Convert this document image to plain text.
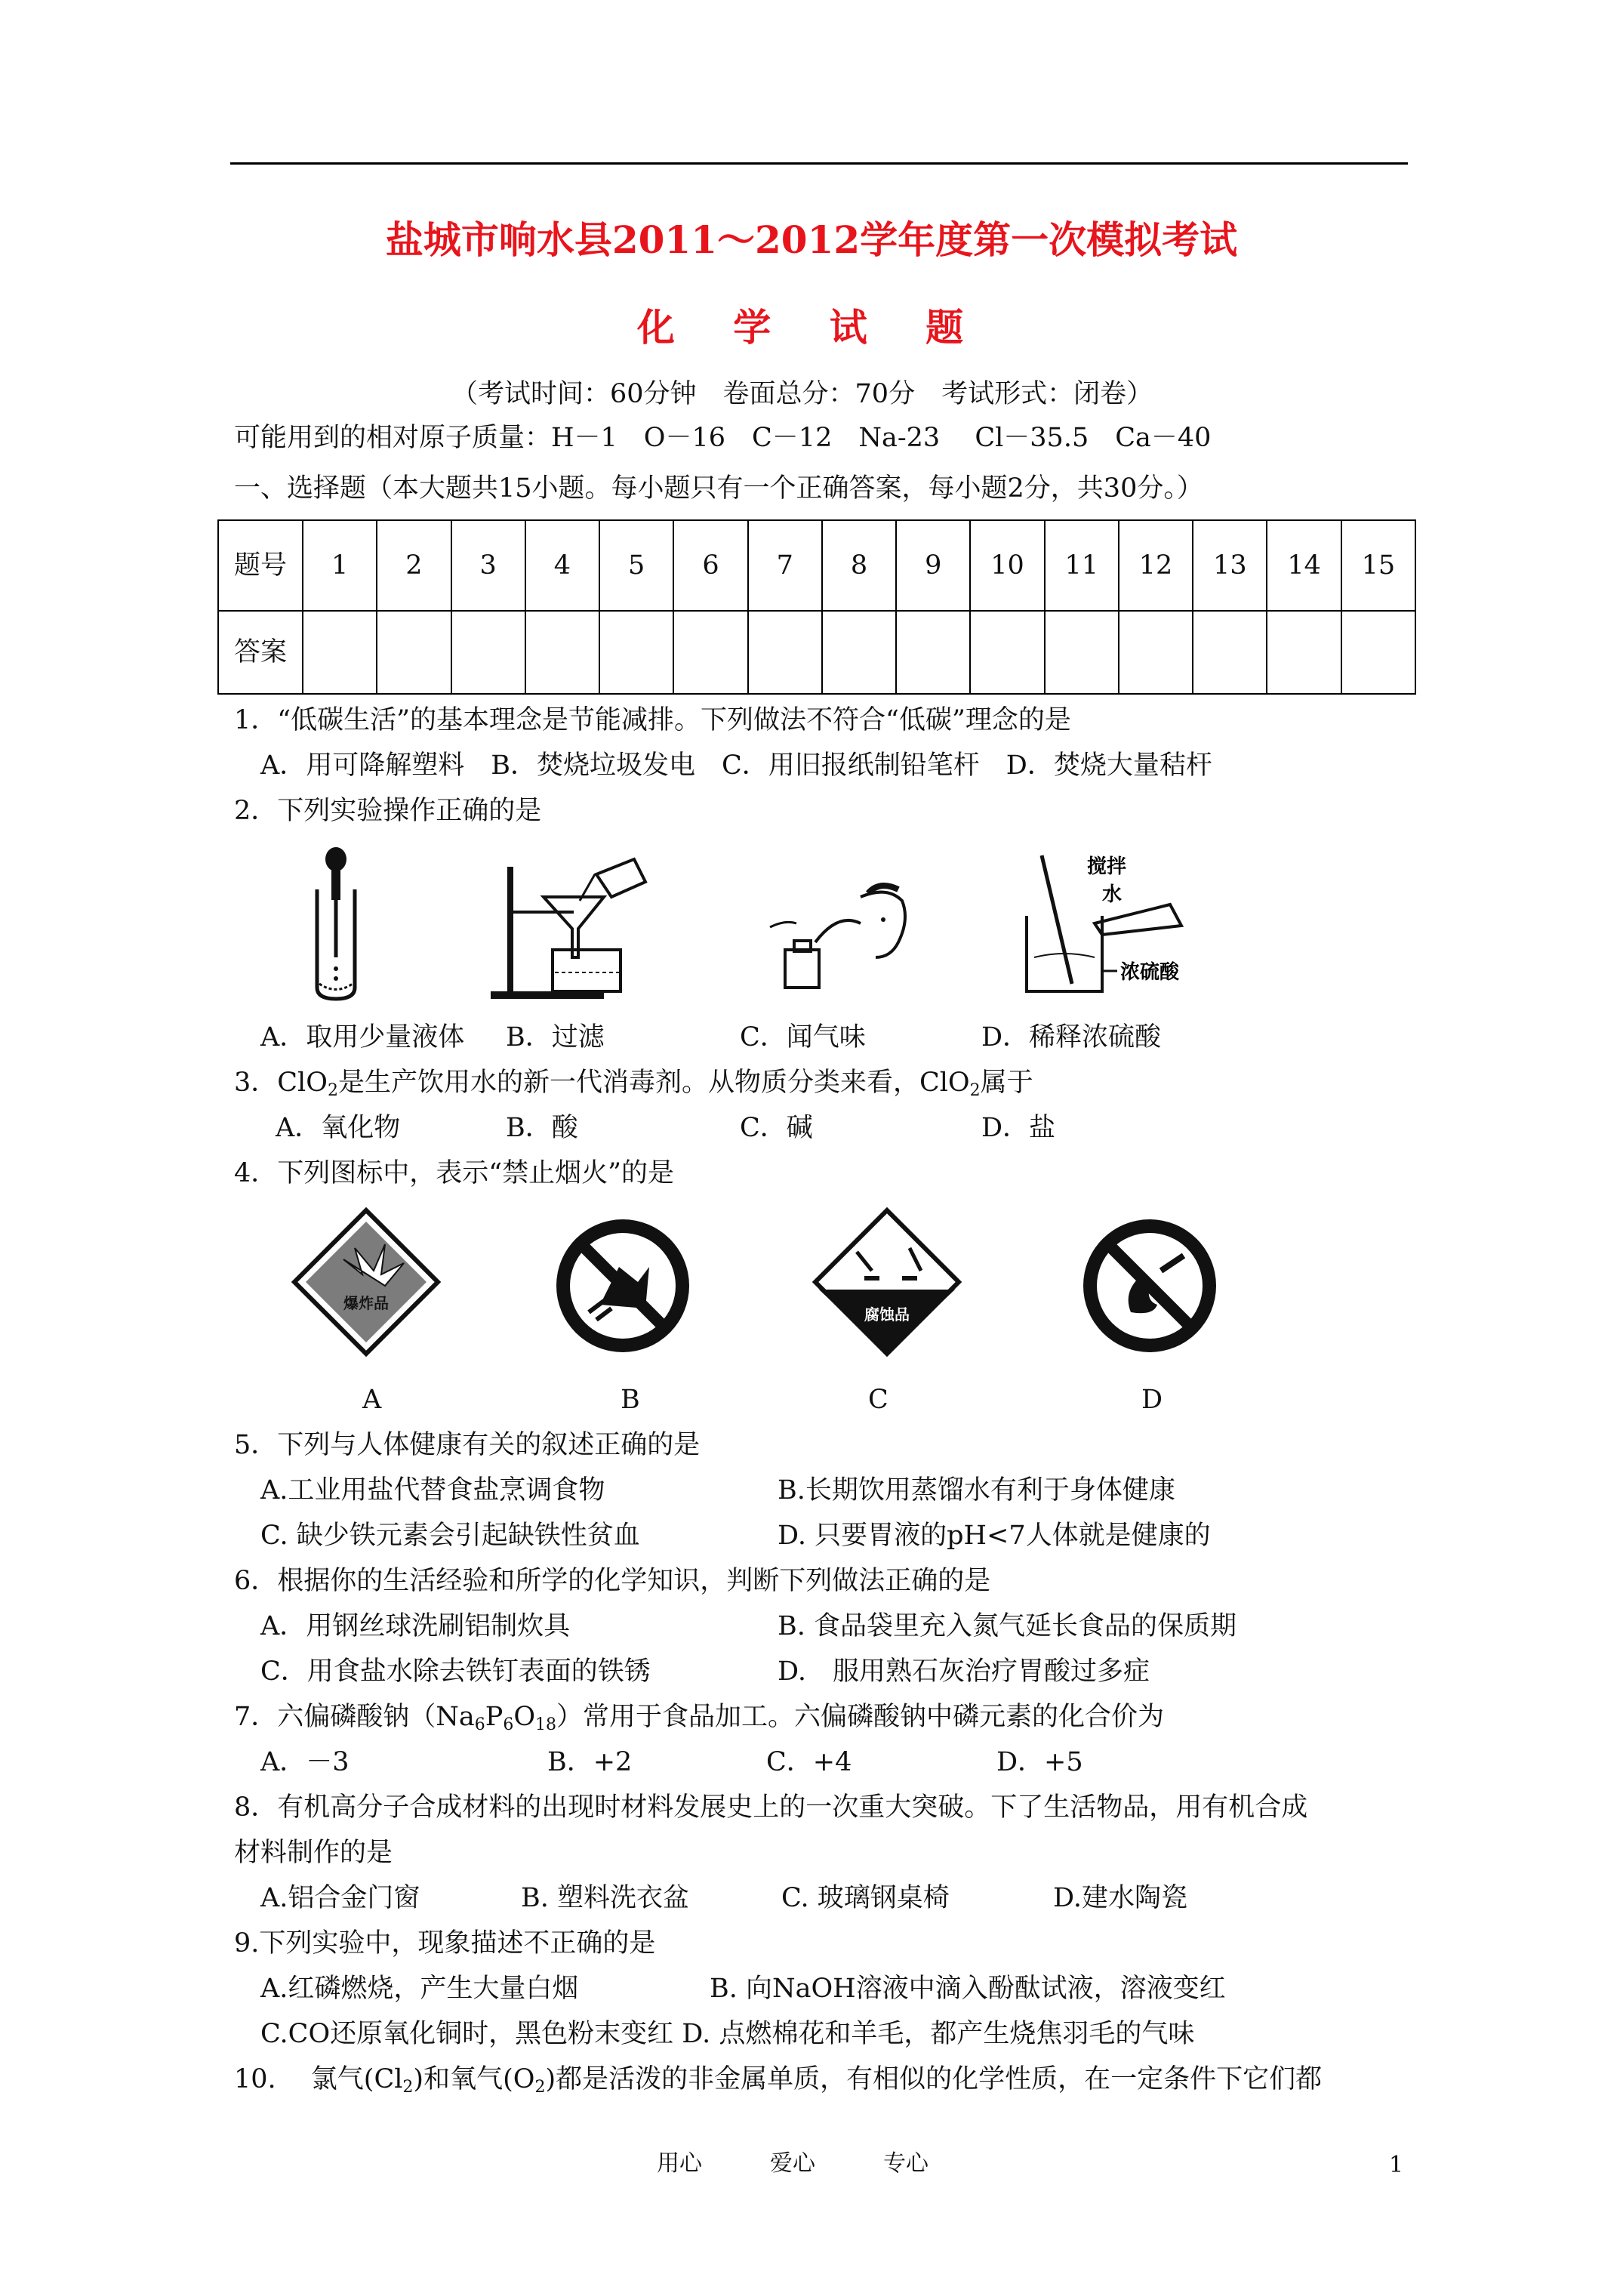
盐城市响水县2011～2012学年度第一次模拟考试
化 学 试 题
（考试时间：60分钟　卷面总分：70分　考试形式：闭卷）
可能用到的相对原子质量：H－1　O－16　C－12　Na-23　 Cl－35.5　Ca－40
一、选择题（本大题共15小题。每小题只有一个正确答案，每小题2分，共30分。）
题号	1	2	3	4	5	6	7	8	9	10	11	12	13	14	15
答案															
1．“低碳生活”的基本理念是节能减排。下列做法不符合“低碳”理念的是
A．用可降解塑料　B．焚烧垃圾发电　C．用旧报纸制铅笔杆　D．焚烧大量秸杆
2．下列实验操作正确的是
搅拌
水
浓硫酸
A．取用少量液体 B．过滤	C．闻气味	D．稀释浓硫酸
3．ClO$_2$是生产饮用水的新一代消毒剂。从物质分类来看，ClO$_2$属于
A．氧化物	B．酸	C．碱	D．盐
4．下列图标中，表示“禁止烟火”的是
爆炸品
腐蚀品
A	B	C	D
5．下列与人体健康有关的叙述正确的是
A.工业用盐代替食盐烹调食物	B.长期饮用蒸馏水有利于身体健康
C. 缺少铁元素会引起缺铁性贫血	D. 只要胃液的pH<7人体就是健康的
6．根据你的生活经验和所学的化学知识，判断下列做法正确的是
A．用钢丝球洗刷铝制炊具	B. 食品袋里充入氮气延长食品的保质期
C．用食盐水除去铁钉表面的铁锈	D.　服用熟石灰治疗胃酸过多症
7．六偏磷酸钠$(Na_6P_6O_{18})$常用于食品加工。六偏磷酸钠中磷元素的化合价为
A．－3	B．+2	C．+4	D．+5
8．有机高分子合成材料的出现时材料发展史上的一次重大突破。下了生活物品，用有机合成
材料制作的是
A.铝合金门窗	B. 塑料洗衣盆	C. 玻璃钢桌椅	D.建水陶瓷
9.下列实验中，现象描述不正确的是
A.红磷燃烧，产生大量白烟	B. 向NaOH溶液中滴入酚酞试液，溶液变红
C.CO还原氧化铜时，黑色粉末变红 D. 点燃棉花和羊毛，都产生烧焦羽毛的气味
10.　 氯气$(Cl_2)$和氧气$(O_2)$都是活泼的非金属单质，有相似的化学性质，在一定条件下它们都
用心　　　爱心　　　专心	1
